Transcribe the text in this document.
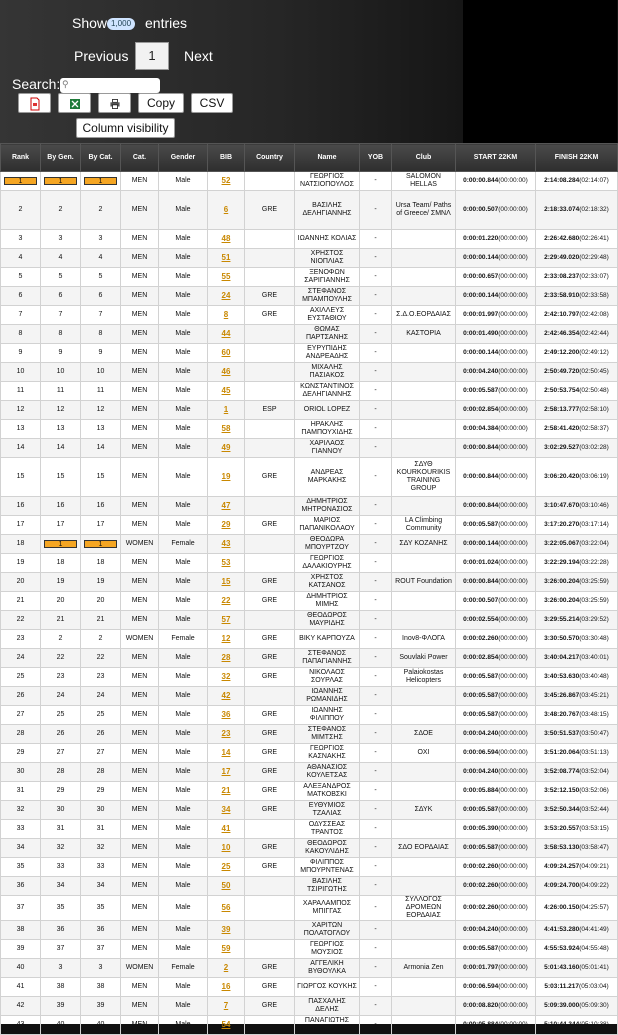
Show 1,000 entries
Previous	1	Next
Search: ⚲
Copy	CSV
Column visibility
Rank	By Gen.	By Cat.	Cat.	Gender	BIB	Country	Name	YOB	Club	START 22KM	FINISH 22KM
1	1	1	MEN	Male	52		ΓΕΩΡΓΙΟΣ ΝΑΤΣΙΟΠΟΥΛΟΣ	-	SALOMON HELLAS	0:00:00.844(00:00:00)	2:14:08.284(02:14:07)
2	2	2	MEN	Male	6	GRE	ΒΑΣΙΛΗΣ ΔΕΛΗΓΙΑΝΝΗΣ	-	Ursa Team/ Paths of Greece/ ΣΜΝΛ	0:00:00.507(00:00:00)	2:18:33.074(02:18:32)
3	3	3	MEN	Male	48		ΙΩΑΝΝΗΣ ΚΟΛΙΑΣ	-		0:00:01.220(00:00:00)	2:26:42.680(02:26:41)
4	4	4	MEN	Male	51		ΧΡΗΣΤΟΣ ΝΙΟΠΛΙΑΣ	-		0:00:00.144(00:00:00)	2:29:49.020(02:29:48)
5	5	5	MEN	Male	55		ΞΕΝΟΦΩΝ ΣΑΡΙΓΙΑΝΝΗΣ	-		0:00:00.657(00:00:00)	2:33:08.237(02:33:07)
6	6	6	MEN	Male	24	GRE	ΣΤΕΦΑΝΟΣ ΜΠΑΜΠΟΥΛΗΣ	-		0:00:00.144(00:00:00)	2:33:58.910(02:33:58)
7	7	7	MEN	Male	8	GRE	ΑΧΙΛΛΕΥΣ ΕΥΣΤΑΘΙΟΥ	-	Σ.Δ.Ο.ΕΟΡΔΑΙΑΣ	0:00:01.997(00:00:00)	2:42:10.797(02:42:08)
8	8	8	MEN	Male	44		ΘΩΜΑΣ ΠΑΡΤΣΑΝΗΣ	-	ΚΑΣΤΟΡΙΑ	0:00:01.490(00:00:00)	2:42:46.354(02:42:44)
9	9	9	MEN	Male	60		ΕΥΡΥΠΙΔΗΣ ΑΝΔΡΕΑΔΗΣ	-		0:00:00.144(00:00:00)	2:49:12.200(02:49:12)
10	10	10	MEN	Male	46		ΜΙΧΑΛΗΣ ΠΑΣΙΑΚΟΣ	-		0:00:04.240(00:00:00)	2:50:49.720(02:50:45)
11	11	11	MEN	Male	45		ΚΩΝΣΤΑΝΤΙΝΟΣ ΔΕΛΗΓΙΑΝΝΗΣ	-		0:00:05.587(00:00:00)	2:50:53.754(02:50:48)
12	12	12	MEN	Male	1	ESP	ORIOL LOPEZ	-		0:00:02.854(00:00:00)	2:58:13.777(02:58:10)
13	13	13	MEN	Male	58		ΗΡΑΚΛΗΣ ΠΑΜΠΟΥΧΙΔΗΣ	-		0:00:04.384(00:00:00)	2:58:41.420(02:58:37)
14	14	14	MEN	Male	49		ΧΑΡΙΛΑΟΣ ΓΙΑΝΝΟΥ	-		0:00:00.844(00:00:00)	3:02:29.527(03:02:28)
15	15	15	MEN	Male	19	GRE	ΑΝΔΡΕΑΣ ΜΑΡΚΑΚΗΣ	-	ΣΔΥΘ KOURKOURIKIS TRAINING GROUP	0:00:00.844(00:00:00)	3:06:20.420(03:06:19)
16	16	16	MEN	Male	47		ΔΗΜΗΤΡΙΟΣ ΜΗΤΡΟΝΑΣΙΟΣ	-		0:00:00.844(00:00:00)	3:10:47.670(03:10:46)
17	17	17	MEN	Male	29	GRE	ΜΑΡΙΟΣ ΠΑΠΑΝΙΚΟΛΑΟΥ	-	LA Climbing Community	0:00:05.587(00:00:00)	3:17:20.270(03:17:14)
18	1	1	WOMEN	Female	43		ΘΕΟΔΩΡΑ ΜΠΟΥΡΤΖΟΥ	-	ΣΔΥ ΚΟΖΑΝΗΣ	0:00:00.144(00:00:00)	3:22:05.067(03:22:04)
19	18	18	MEN	Male	53		ΓΕΩΡΓΙΟΣ ΔΑΛΑΚΙΟΥΡΗΣ	-		0:00:01.024(00:00:00)	3:22:29.194(03:22:28)
20	19	19	MEN	Male	15	GRE	ΧΡΗΣΤΟΣ ΚΑΤΣΑΝΟΣ	-	ROUT Foundation	0:00:00.844(00:00:00)	3:26:00.204(03:25:59)
21	20	20	MEN	Male	22	GRE	ΔΗΜΗΤΡΙΟΣ ΜΙΜΗΣ	-		0:00:00.507(00:00:00)	3:26:00.204(03:25:59)
22	21	21	MEN	Male	57		ΘΕΟΔΩΡΟΣ ΜΑΥΡΙΔΗΣ	-		0:00:02.554(00:00:00)	3:29:55.214(03:29:52)
23	2	2	WOMEN	Female	12	GRE	ΒΙΚΥ ΚΑΡΠΟΥΖΑ	-	Inov8-ΦΛΟΓΑ	0:00:02.260(00:00:00)	3:30:50.570(03:30:48)
24	22	22	MEN	Male	28	GRE	ΣΤΕΦΑΝΟΣ ΠΑΠΑΓΙΑΝΝΗΣ	-	Souvlaki Power	0:00:02.854(00:00:00)	3:40:04.217(03:40:01)
25	23	23	MEN	Male	32	GRE	ΝΙΚΟΛΑΟΣ ΣΟΥΡΛΑΣ	-	Palaiokostas Helicopters	0:00:05.587(00:00:00)	3:40:53.630(03:40:48)
26	24	24	MEN	Male	42		ΙΩΑΝΝΗΣ ΡΩΜΑΝΙΔΗΣ	-		0:00:05.587(00:00:00)	3:45:26.867(03:45:21)
27	25	25	MEN	Male	36	GRE	ΙΩΑΝΝΗΣ ΦΙΛΙΠΠΟΥ	-		0:00:05.587(00:00:00)	3:48:20.767(03:48:15)
28	26	26	MEN	Male	23	GRE	ΣΤΕΦΑΝΟΣ ΜΙΜΤΣΗΣ	-	ΣΔΟΕ	0:00:04.240(00:00:00)	3:50:51.537(03:50:47)
29	27	27	MEN	Male	14	GRE	ΓΕΩΡΓΙΟΣ ΚΑΣΝΑΚΗΣ	-	ΟΧΙ	0:00:06.594(00:00:00)	3:51:20.064(03:51:13)
30	28	28	MEN	Male	17	GRE	ΑΘΑΝΑΣΙΟΣ ΚΟΥΛΕΤΣΑΣ	-		0:00:04.240(00:00:00)	3:52:08.774(03:52:04)
31	29	29	MEN	Male	21	GRE	ΑΛΕΞΑΝΔΡΟΣ ΜΑΤΚΟΒΣΚΙ	-		0:00:05.884(00:00:00)	3:52:12.150(03:52:06)
32	30	30	MEN	Male	34	GRE	ΕΥΘΥΜΙΟΣ ΤΖΑΛΙΑΣ	-	ΣΔΥΚ	0:00:05.587(00:00:00)	3:52:50.344(03:52:44)
33	31	31	MEN	Male	41		ΟΔΥΣΣΕΑΣ ΤΡΑΝΤΟΣ	-		0:00:05.390(00:00:00)	3:53:20.557(03:53:15)
34	32	32	MEN	Male	10	GRE	ΘΕΟΔΩΡΟΣ ΚΑΚΟΥΛΙΔΗΣ	-	ΣΔΟ ΕΟΡΔΑΙΑΣ	0:00:05.587(00:00:00)	3:58:53.130(03:58:47)
35	33	33	MEN	Male	25	GRE	ΦΙΛΙΠΠΟΣ ΜΠΟΥΡΝΤΕΝΑΣ	-		0:00:02.260(00:00:00)	4:09:24.257(04:09:21)
36	34	34	MEN	Male	50		ΒΑΣΙΛΗΣ ΤΣΙΡΙΓΩΤΗΣ	-		0:00:02.260(00:00:00)	4:09:24.700(04:09:22)
37	35	35	MEN	Male	56		ΧΑΡΑΛΑΜΠΟΣ ΜΠΙΓΓΑΣ	-	ΣΥΛΛΟΓΟΣ ΔΡΟΜΕΩΝ ΕΟΡΔΑΙΑΣ	0:00:02.260(00:00:00)	4:26:00.150(04:25:57)
38	36	36	MEN	Male	39		ΧΑΡΙΤΩΝ ΠΟΛΑΤΟΓΛΟΥ	-		0:00:04.240(00:00:00)	4:41:53.280(04:41:49)
39	37	37	MEN	Male	59		ΓΕΩΡΓΙΟΣ ΜΟΥΣΙΟΣ	-		0:00:05.587(00:00:00)	4:55:53.924(04:55:48)
40	3	3	WOMEN	Female	2	GRE	ΑΓΓΕΛΙΚΗ ΒΥΘΟΥΛΚΑ	-	Armonia Zen	0:00:01.797(00:00:00)	5:01:43.160(05:01:41)
41	38	38	MEN	Male	16	GRE	ΓΙΩΡΓΟΣ ΚΟΥΚΗΣ	-		0:00:06.594(00:00:00)	5:03:11.217(05:03:04)
42	39	39	MEN	Male	7	GRE	ΠΑΣΧΑΛΗΣ ΔΕΛΗΣ	-		0:00:08.820(00:00:00)	5:09:39.000(05:09:30)
43	40	40	MEN	Male	54		ΠΑΝΑΓΙΩΤΗΣ ΠΑΠΑΙΩΑΝΝΟΥ	-		0:00:05.884(00:00:00)	5:10:44.344(05:10:38)
